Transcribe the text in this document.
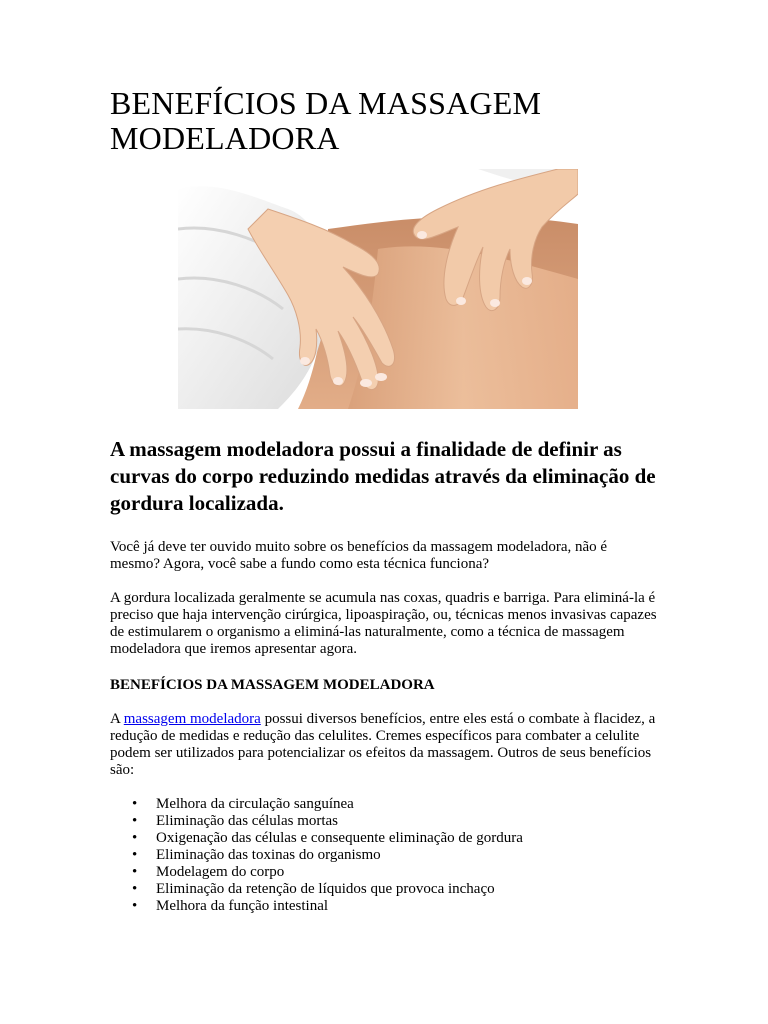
BENEFÍCIOS DA MASSAGEM MODELADORA
A massagem modeladora possui a finalidade de definir as curvas do corpo reduzindo medidas através da eliminação de gordura localizada.

Você já deve ter ouvido muito sobre os benefícios da massagem modeladora, não é mesmo? Agora, você sabe a fundo como esta técnica funciona?

A gordura localizada geralmente se acumula nas coxas, quadris e barriga. Para eliminá-la é preciso que haja intervenção cirúrgica, lipoaspiração, ou, técnicas menos invasivas capazes de estimularem o organismo a eliminá-las naturalmente, como a técnica de massagem modeladora que iremos apresentar agora.

BENEFÍCIOS DA MASSAGEM MODELADORA

A massagem modeladora possui diversos benefícios, entre eles está o combate à flacidez, a redução de medidas e redução das celulites. Cremes específicos para combater a celulite podem ser utilizados para potencializar os efeitos da massagem. Outros de seus benefícios são:

• Melhora da circulação sanguínea
• Eliminação das células mortas
• Oxigenação das células e consequente eliminação de gordura
• Eliminação das toxinas do organismo
• Modelagem do corpo
• Eliminação da retenção de líquidos que provoca inchaço
• Melhora da função intestinal
